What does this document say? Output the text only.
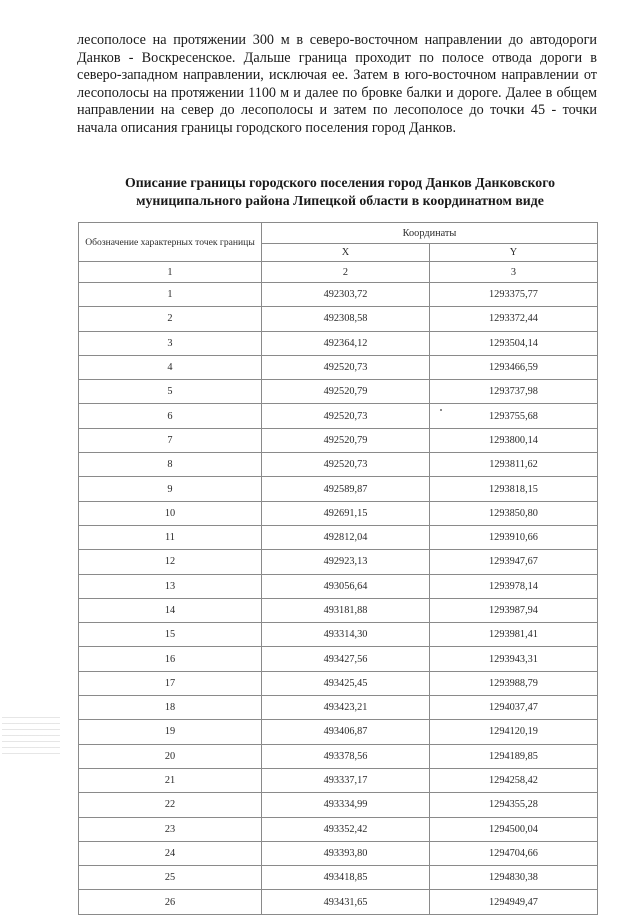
лесополосе на протяжении 300 м в северо-восточном направлении до автодороги Данков - Воскресенское. Дальше граница проходит по полосе отвода дороги в северо-западном направлении, исключая ее. Затем в юго-восточном направлении от лесополосы на протяжении 1100 м и далее по бровке балки и дороге. Далее в общем направлении на север до лесополосы и затем по лесополосе до точки 45 - точки начала описания границы городского поселения город Данков.

Описание границы городского поселения город Данков Данковского
муниципального района Липецкой области в координатном виде

Обозначение характерных точек границы	Координаты	
	X	Y
1	2	3
1	492303,72	1293375,77
2	492308,58	1293372,44
3	492364,12	1293504,14
4	492520,73	1293466,59
5	492520,79	1293737,98
6	492520,73	1293755,68
7	492520,79	1293800,14
8	492520,73	1293811,62
9	492589,87	1293818,15
10	492691,15	1293850,80
11	492812,04	1293910,66
12	492923,13	1293947,67
13	493056,64	1293978,14
14	493181,88	1293987,94
15	493314,30	1293981,41
16	493427,56	1293943,31
17	493425,45	1293988,79
18	493423,21	1294037,47
19	493406,87	1294120,19
20	493378,56	1294189,85
21	493337,17	1294258,42
22	493334,99	1294355,28
23	493352,42	1294500,04
24	493393,80	1294704,66
25	493418,85	1294830,38
26	493431,65	1294949,47
